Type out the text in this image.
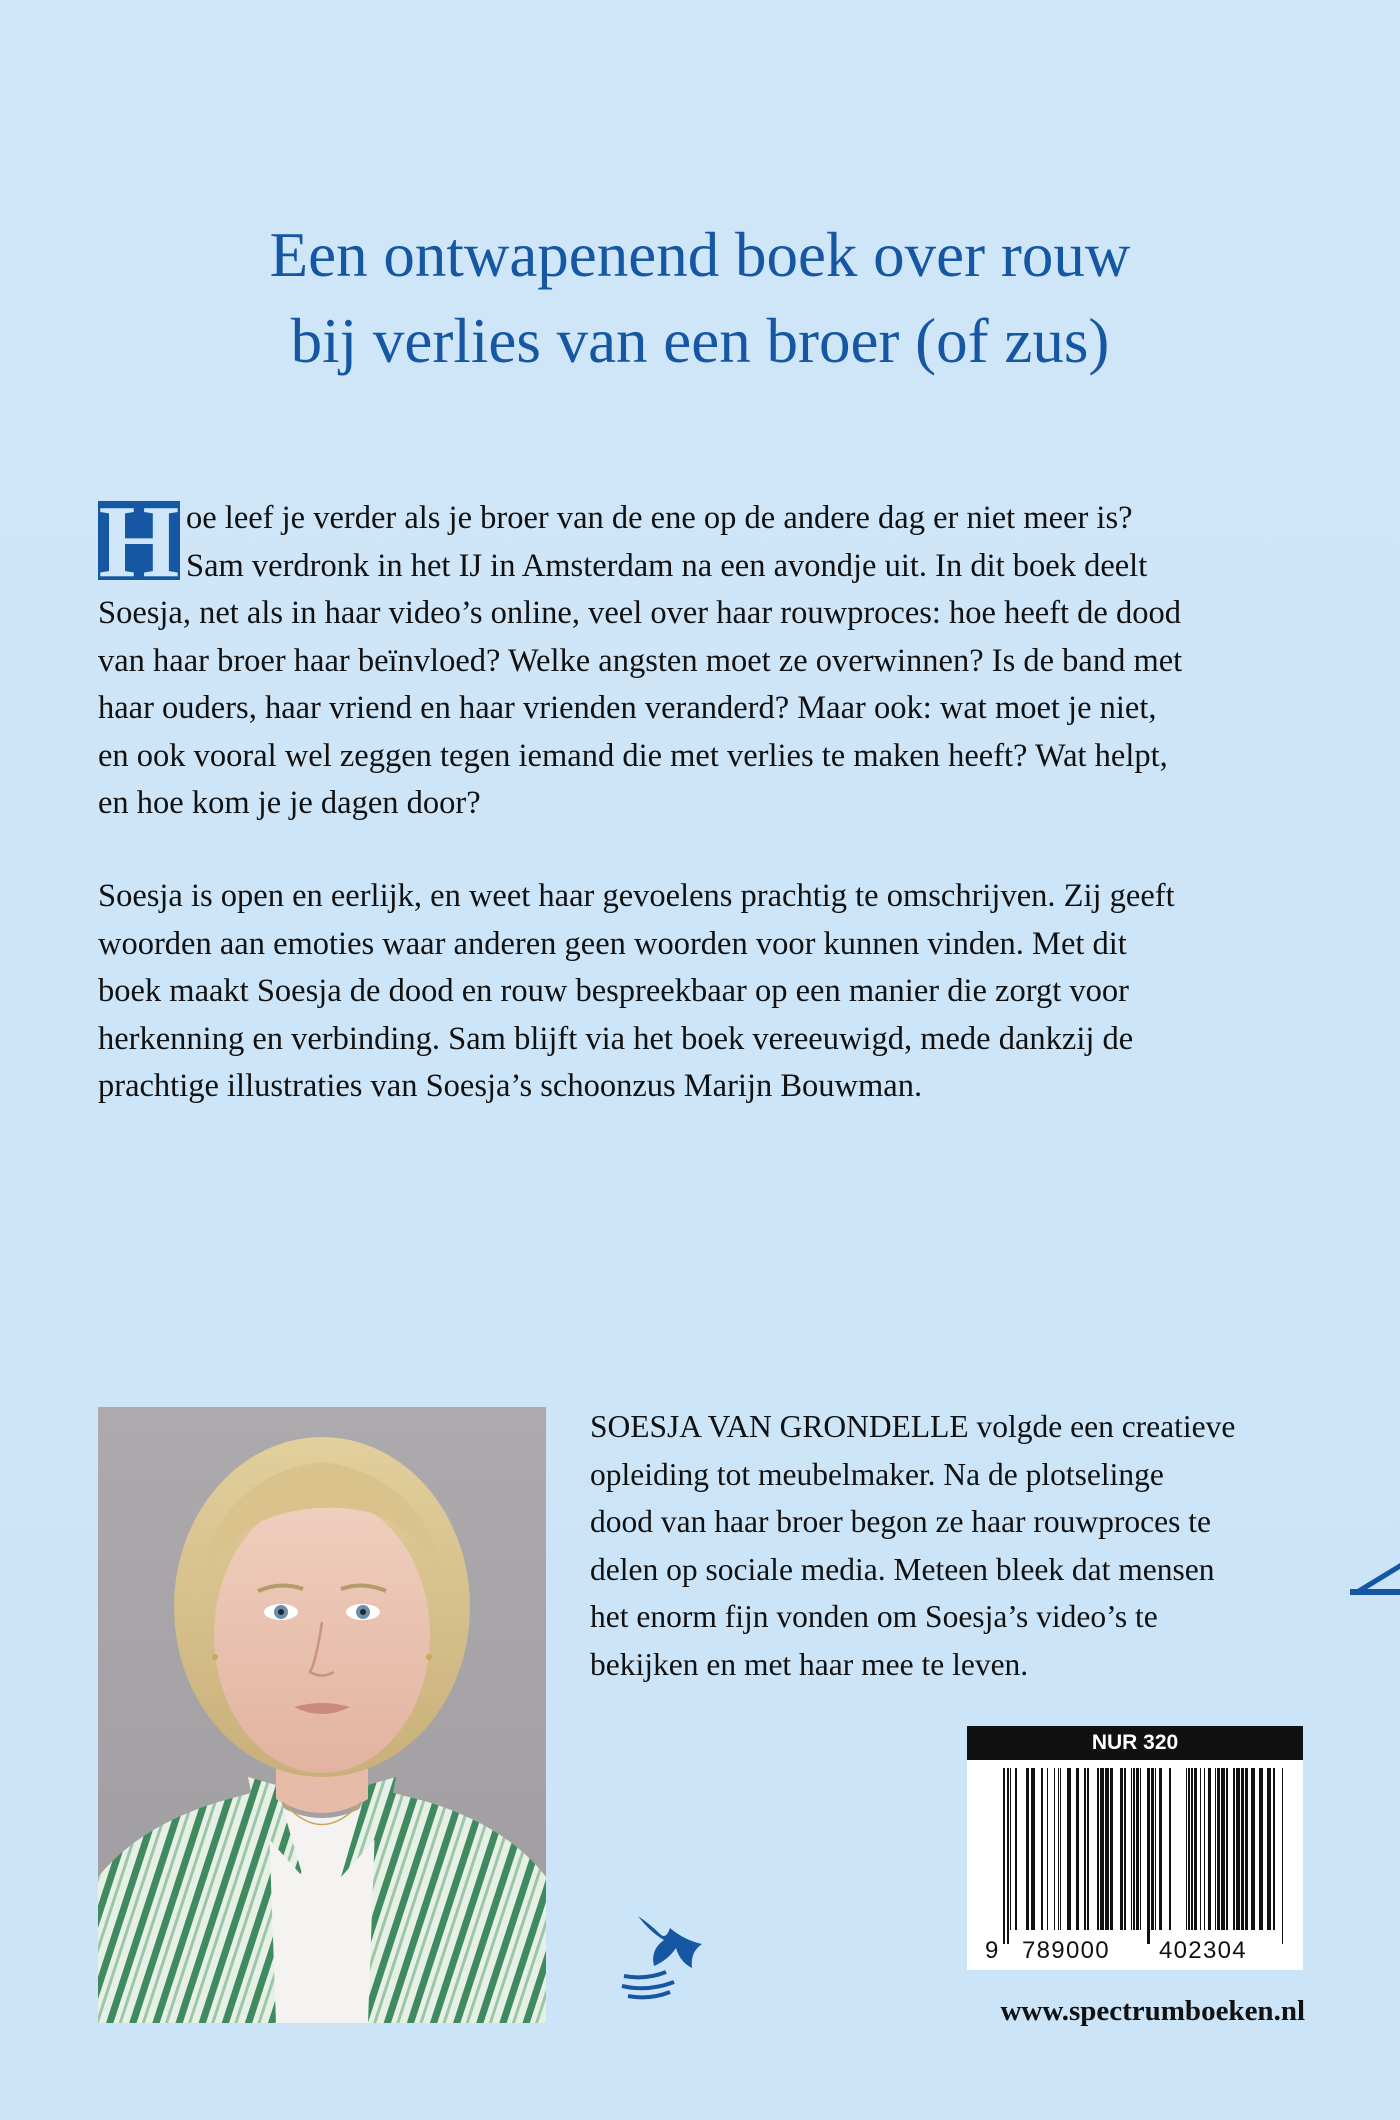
Een ontwapenend boek over rouw
bij verlies van een broer (of zus)
H oe leef je verder als je broer van de ene op de andere dag er niet meer is?

Sam verdronk in het IJ in Amsterdam na een avondje uit. In dit boek deelt

Soesja, net als in haar video’s online, veel over haar rouwproces: hoe heeft de dood

van haar broer haar beïnvloed? Welke angsten moet ze overwinnen? Is de band met

haar ouders, haar vriend en haar vrienden veranderd? Maar ook: wat moet je niet,

en ook vooral wel zeggen tegen iemand die met verlies te maken heeft? Wat helpt,

en hoe kom je je dagen door?

Soesja is open en eerlijk, en weet haar gevoelens prachtig te omschrijven. Zij geeft

woorden aan emoties waar anderen geen woorden voor kunnen vinden. Met dit

boek maakt Soesja de dood en rouw bespreekbaar op een manier die zorgt voor

herkenning en verbinding. Sam blijft via het boek vereeuwigd, mede dankzij de

prachtige illustraties van Soesja’s schoonzus Marijn Bouwman.

SOESJA VAN GRONDELLE volgde een creatieve

opleiding tot meubelmaker. Na de plotselinge

dood van haar broer begon ze haar rouwproces te

delen op sociale media. Meteen bleek dat mensen

het enorm fijn vonden om Soesja’s video’s te

bekijken en met haar mee te leven.

NUR 320
9 789000 402304
www.spectrumboeken.nl
